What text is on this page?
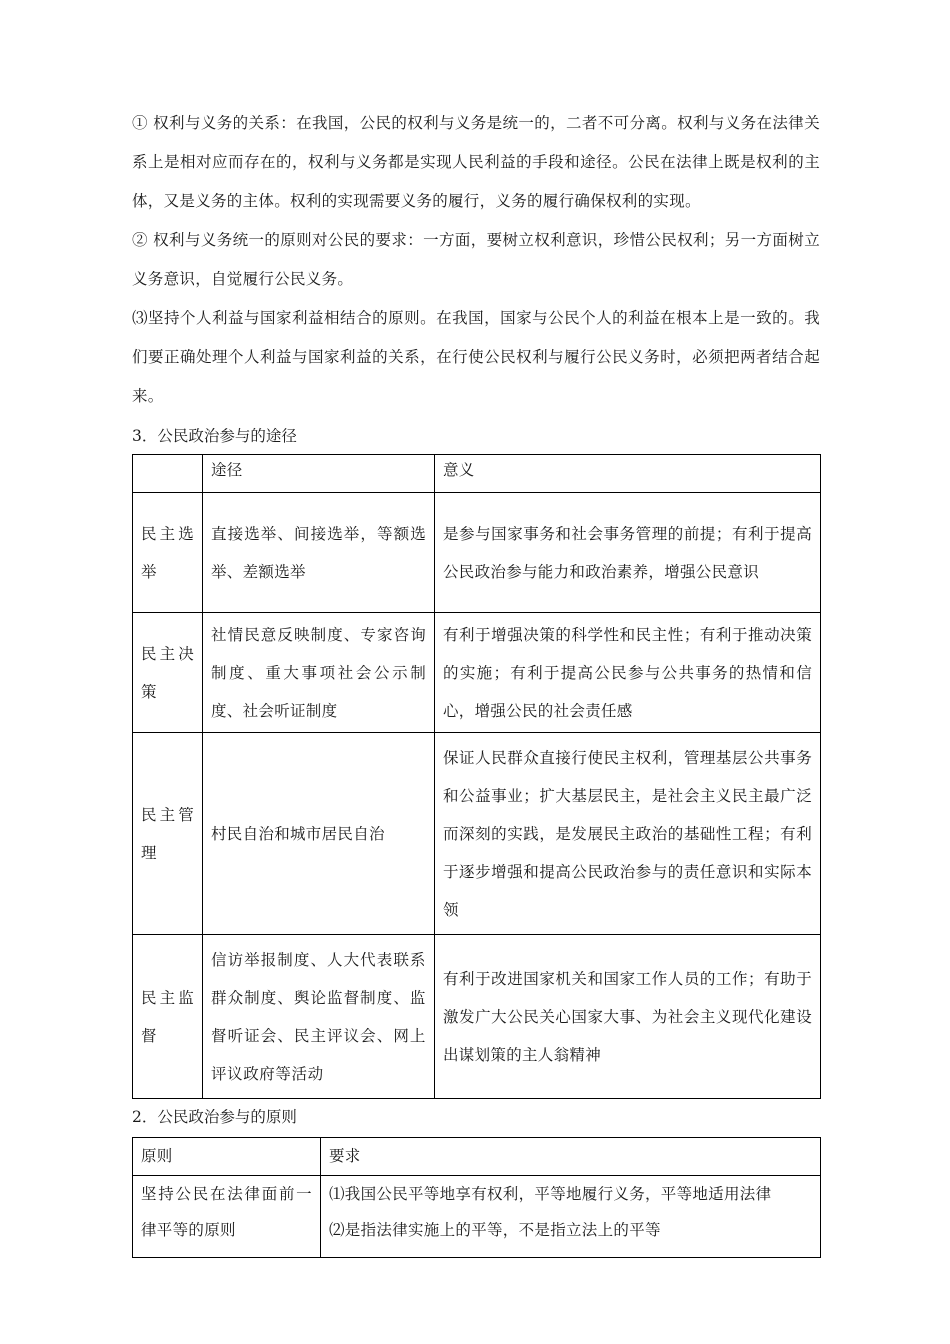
① 权利与义务的关系：在我国，公民的权利与义务是统一的，二者不可分离。权利与义务在法律关系上是相对应而存在的，权利与义务都是实现人民利益的手段和途径。公民在法律上既是权利的主体，又是义务的主体。权利的实现需要义务的履行，义务的履行确保权利的实现。

② 权利与义务统一的原则对公民的要求：一方面，要树立权利意识，珍惜公民权利；另一方面树立义务意识，自觉履行公民义务。

⑶坚持个人利益与国家利益相结合的原则。在我国，国家与公民个人的利益在根本上是一致的。我们要正确处理个人利益与国家利益的关系，在行使公民权利与履行公民义务时，必须把两者结合起来。

3．公民政治参与的途径

	途径	意义
民主选举	直接选举、间接选举，等额选举、差额选举	是参与国家事务和社会事务管理的前提；有利于提高公民政治参与能力和政治素养，增强公民意识
民主决策	社情民意反映制度、专家咨询制度、重大事项社会公示制度、社会听证制度	有利于增强决策的科学性和民主性；有利于推动决策的实施；有利于提高公民参与公共事务的热情和信心，增强公民的社会责任感
民主管理	村民自治和城市居民自治	保证人民群众直接行使民主权利，管理基层公共事务和公益事业；扩大基层民主，是社会主义民主最广泛而深刻的实践，是发展民主政治的基础性工程；有利于逐步增强和提高公民政治参与的责任意识和实际本领
民主监督	信访举报制度、人大代表联系群众制度、舆论监督制度、监督听证会、民主评议会、网上评议政府等活动	有利于改进国家机关和国家工作人员的工作；有助于激发广大公民关心国家大事、为社会主义现代化建设出谋划策的主人翁精神

2．公民政治参与的原则

原则	要求
坚持公民在法律面前一律平等的原则	⑴我国公民平等地享有权利，平等地履行义务，平等地适用法律
⑵是指法律实施上的平等，不是指立法上的平等
